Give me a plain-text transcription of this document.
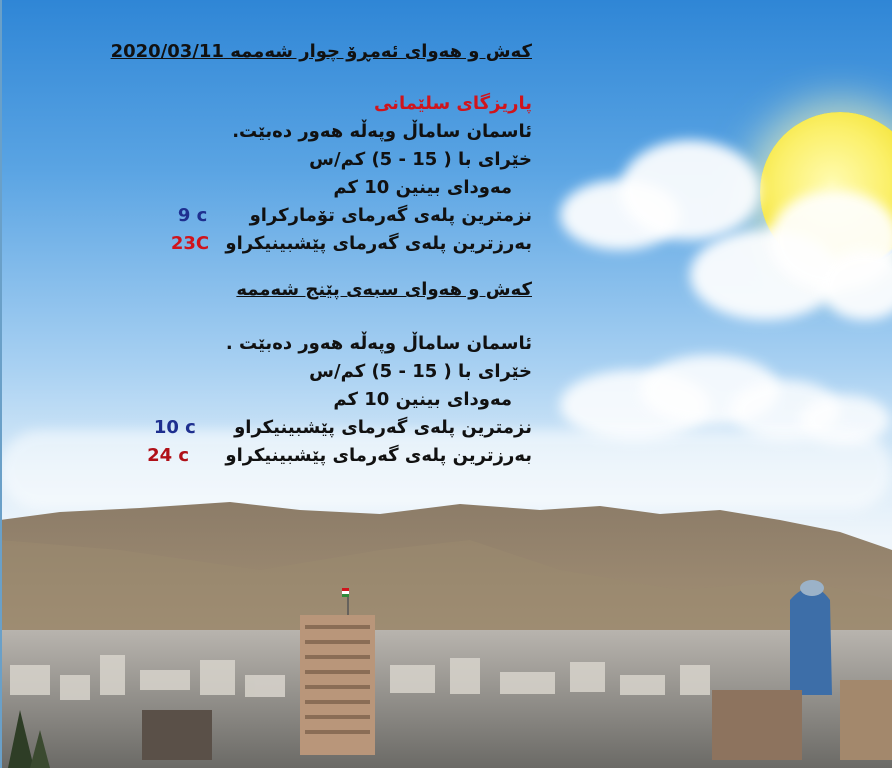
کەش و هەوای ئەمڕۆ چوار شەممە 2020/03/11
پاریزگای سلێمانی
ئاسمان ساماڵ وپەڵە هەور دەبێت.
خێرای با (5 - 15 ) کم/س
مەودای بینین 10 کم
نزمترین پلەی گەرمای تۆمارکراو 9 c
بەرزترین پلەی گەرمای پێشبینیکراو 23C
کەش و هەوای سبەی پێنج شەممە
ئاسمان ساماڵ وپەڵە هەور دەبێت .
خێرای با (5 - 15 ) کم/س
مەودای بینین 10 کم
نزمترین پلەی گەرمای پێشبینیکراو 10 c
بەرزترین پلەی گەرمای پێشبینیکراو 24 c
